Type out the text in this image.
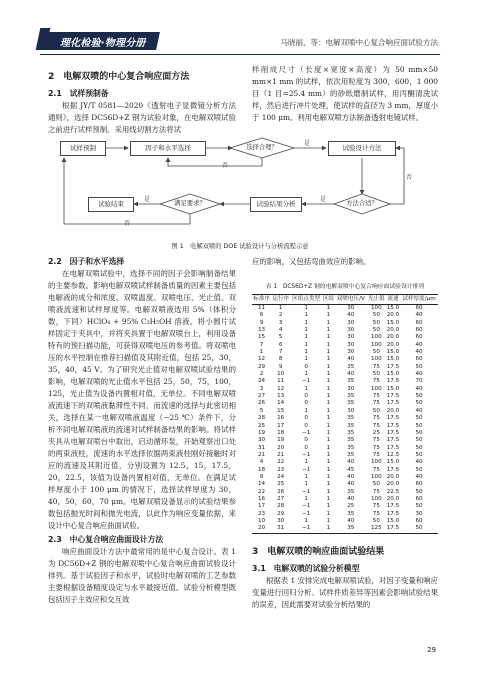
理化检验·物理分册	马晓丽，等：电解双喷中心复合响应面试验方法
2　电解双喷的中心复合响应面方法
2.1　试样预制备

根据 JY/T 0581—2020《透射电子显微镜分析方法通则》，选择 DC56D+Z 钢为试验对象，在电解双喷试验之前进行试样预制。采用线切割方法将试

样削成尺寸（长度×宽度×高度）为 50 mm×50 mm×1 mm 的试样，依次用粒度为 300，600，1 000 目（1 目=25.4 mm）的砂纸磨制试样，用丙酮清洗试样，然后进行冲片处理，使试样的直径为 3 mm，厚度小于 100 μm。利用电解双喷方法制备透射电镜试样。

试样预制	因子和水平选择	选择合理？	试验设计方法
试验结束	满足要求？	试验结果分析	方法合适？
是
否
是
否
是
否
图 1　电解双喷的 DOE 试验设计与分析流程示意
2.2　因子和水平选择

在电解双喷试验中，选择不同的因子会影响制备结果的主要参数。影响电解双喷试样制备质量的因素主要包括电解液的成分和浓度、双喷温度、双喷电压、光止值、双喷液流速和试样厚度等。电解双喷液选用 5%（体积分数，下同）HClO₄ + 95% C₂H₅OH 溶液。将小圆片试样固定于夹具中，并将夹具置于电解双喷台上，利用设备特有的预扫描功能，可获得双喷电压的参考值。将双喷电压的水平控制在推荐扫描值及其附近值，包括 25，30，35，40，45 V。为了研究光止值对电解双喷试验结果的影响，电解双喷的光止值水平包括 25，50，75，100，125，光止值为设备内置相对值，无单位。不同电解双喷液流速下的双喷液黏滞性不同，而流速的选择与此密切相关，选择在某一电解双喷液温度（−25 ℃）条件下，分析不同电解双喷液的流速对试样制备结果的影响。将试样夹具从电解双喷台中取出，启动循环泵，开始观察出口处的两束液柱，流速的水平选择依据两束液柱刚好接触时对应的流速及其附近值，分别设置为 12.5，15，17.5，20，22.5，该值为设备内置相对值，无单位。在满足试样厚度小于 100 μm 的情况下，选择试样厚度为 30，40，50，60，70 μm。电解双喷设备显示的试验结果参数包括抛光时间和抛光电流，以此作为响应变量依据，来设计中心复合响应曲面试验。

2.3　中心复合响应曲面设计方法

响应曲面设计方法中最常用的是中心复合设计。表 1 为 DC56D+Z 钢的电解双喷中心复合响应曲面试验设计排列。基于试验因子和水平，试验时电解双喷的工艺参数主要根据设备精度设定与水平最接近值。试验分析模型既包括因子主效应和交互效

应的影响，又包括弯曲效应的影响。

表 1　DC56D+Z 钢的电解双喷中心复合响应面试验设计排列
标准序	运行序	区组点类型	区组	双喷电压/V	光止值	流速	试样厚度/μm
11	1	1	1	30	100	15.0	60
6	2	1	1	40	50	20.0	40
9	3	1	1	30	50	15.0	60
13	4	1	1	30	50	20.0	60
15	5	1	1	30	100	20.0	60
7	6	1	1	30	100	20.0	40
1	7	1	1	30	50	15.0	40
12	8	1	1	40	100	15.0	60
29	9	0	1	35	75	17.5	50
2	10	1	1	40	50	15.0	40
24	11	−1	1	35	75	17.5	70
3	12	1	1	30	100	15.0	40
27	13	0	1	35	75	17.5	50
26	14	0	1	35	75	17.5	50
5	15	1	1	30	50	20.0	40
28	16	0	1	35	75	17.5	50
25	17	0	1	35	75	17.5	50
19	18	−1	1	35	25	17.5	50
30	19	0	1	35	75	17.5	50
31	20	0	1	35	75	17.5	50
21	21	−1	1	35	75	12.5	50
4	22	1	1	40	100	15.0	40
18	23	−1	1	45	75	17.5	50
8	24	1	1	40	100	20.0	40
14	25	1	1	40	50	20.0	60
22	26	−1	1	35	75	22.5	50
16	27	1	1	40	100	20.0	60
17	28	−1	1	25	75	17.5	50
23	29	−1	1	35	75	17.5	30
10	30	1	1	40	50	15.0	60
20	31	−1	1	35	125	17.5	50
3　电解双喷的响应曲面试验结果
3.1　电解双喷的试验分析模型

根据表 1 安排完成电解双喷试验，对因子变量和响应变量进行回归分析。试样件质差异等因素会影响试验结果的误差，因此需要对试验分析结果的

29
